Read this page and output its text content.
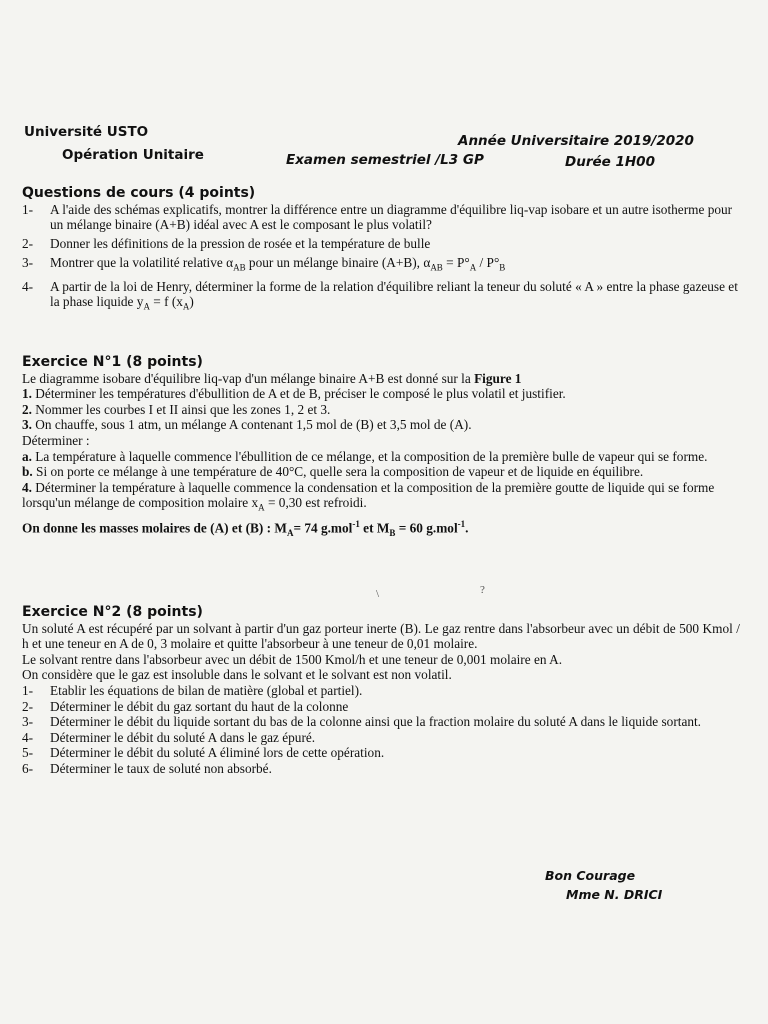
Université USTO
Opération Unitaire	Examen semestriel /L3 GP
Année Universitaire 2019/2020
Durée 1H00
Questions de cours (4 points)
1-	A l'aide des schémas explicatifs, montrer la différence entre un diagramme d'équilibre liq-vap isobare et un autre isotherme pour un mélange binaire (A+B) idéal avec A est le composant le plus volatil?
2-	Donner les définitions de la pression de rosée et la température de bulle
3-	Montrer que la volatilité relative $\alpha_{AB}$ pour un mélange binaire (A+B), $\alpha_{AB} = P^\circ_A / P^\circ_B$
4-	A partir de la loi de Henry, déterminer la forme de la relation d'équilibre reliant la teneur du soluté « A » entre la phase gazeuse et la phase liquide $y_A = f$ $(x_A)$
Exercice N°1 (8 points)
Le diagramme isobare d'équilibre liq-vap d'un mélange binaire A+B est donné sur la Figure 1
1. Déterminer les températures d'ébullition de A et de B, préciser le composé le plus volatil et justifier.
2. Nommer les courbes I et II ainsi que les zones 1, 2 et 3.
3. On chauffe, sous 1 atm, un mélange A contenant 1,5 mol de (B) et 3,5 mol de (A).
Déterminer :
a. La température à laquelle commence l'ébullition de ce mélange, et la composition de la première bulle de vapeur qui se forme.
b. Si on porte ce mélange à une température de 40°C, quelle sera la composition de vapeur et de liquide en équilibre.
4. Déterminer la température à laquelle commence la condensation et la composition de la première goutte de liquide qui se forme lorsqu'un mélange de composition molaire $x_A = 0,30$ est refroidi.
On donne les masses molaires de (A) et (B) : $M_A= 74$ g.mol$^{-1}$ et $M_B = 60$ g.mol$^{-1}$.
\	?
Exercice N°2 (8 points)
Un soluté A est récupéré par un solvant à partir d'un gaz porteur inerte (B). Le gaz rentre dans l'absorbeur avec un débit de 500 Kmol / h et une teneur en A de 0, 3 molaire et quitte l'absorbeur à une teneur de 0,01 molaire.
Le solvant rentre dans l'absorbeur avec un débit de 1500 Kmol/h et une teneur de 0,001 molaire en A.
On considère que le gaz est insoluble dans le solvant et le solvant est non volatil.
1-	Etablir les équations de bilan de matière (global et partiel).
2-	Déterminer le débit du gaz sortant du haut de la colonne
3-	Déterminer le débit du liquide sortant du bas de la colonne ainsi que la fraction molaire du soluté A dans le liquide sortant.
4-	Déterminer le débit du soluté A dans le gaz épuré.
5-	Déterminer le débit du soluté A éliminé lors de cette opération.
6-	Déterminer le taux de soluté non absorbé.
Bon Courage
Mme N. DRICI
